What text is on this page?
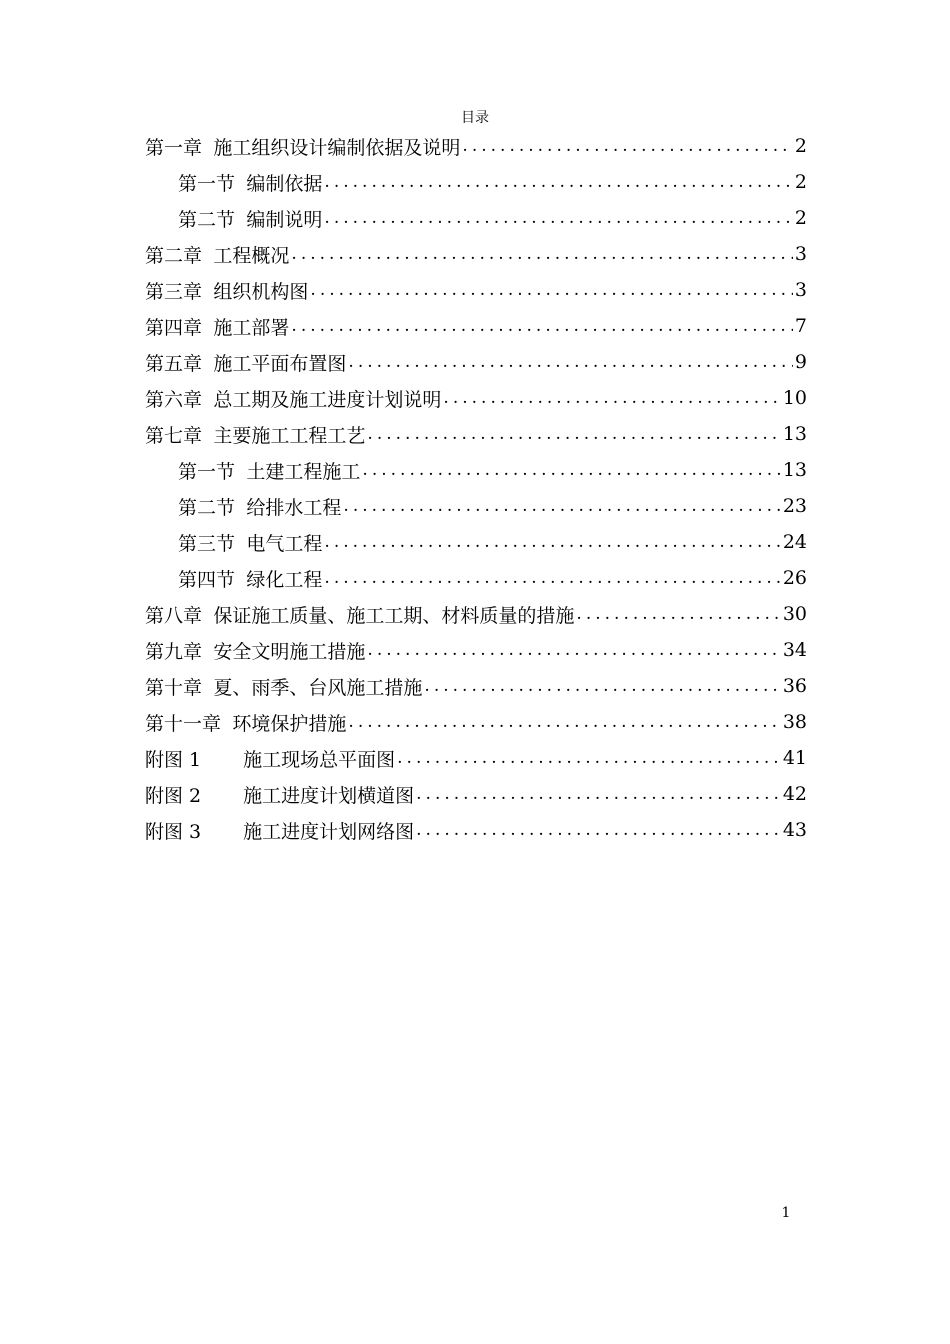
目录
第一章 施工组织设计编制依据及说明 .....	2
第一节 编制依据 .....	2
第二节 编制说明 .....	2
第二章 工程概况 .....	3
第三章 组织机构图 .....	3
第四章 施工部署 .....	7
第五章 施工平面布置图 .....	9
第六章 总工期及施工进度计划说明 .....	10
第七章 主要施工工程工艺 .....	13
第一节 土建工程施工 .....	13
第二节 给排水工程 .....	23
第三节 电气工程 .....	24
第四节 绿化工程 .....	26
第八章 保证施工质量、施工工期、材料质量的措施 .....	30
第九章 安全文明施工措施 .....	34
第十章 夏、雨季、台风施工措施 .....	36
第十一章 环境保护措施 .....	38
附图 1 施工现场总平面图 .....	41
附图 2 施工进度计划横道图 .....	42
附图 3 施工进度计划网络图 .....	43
1
